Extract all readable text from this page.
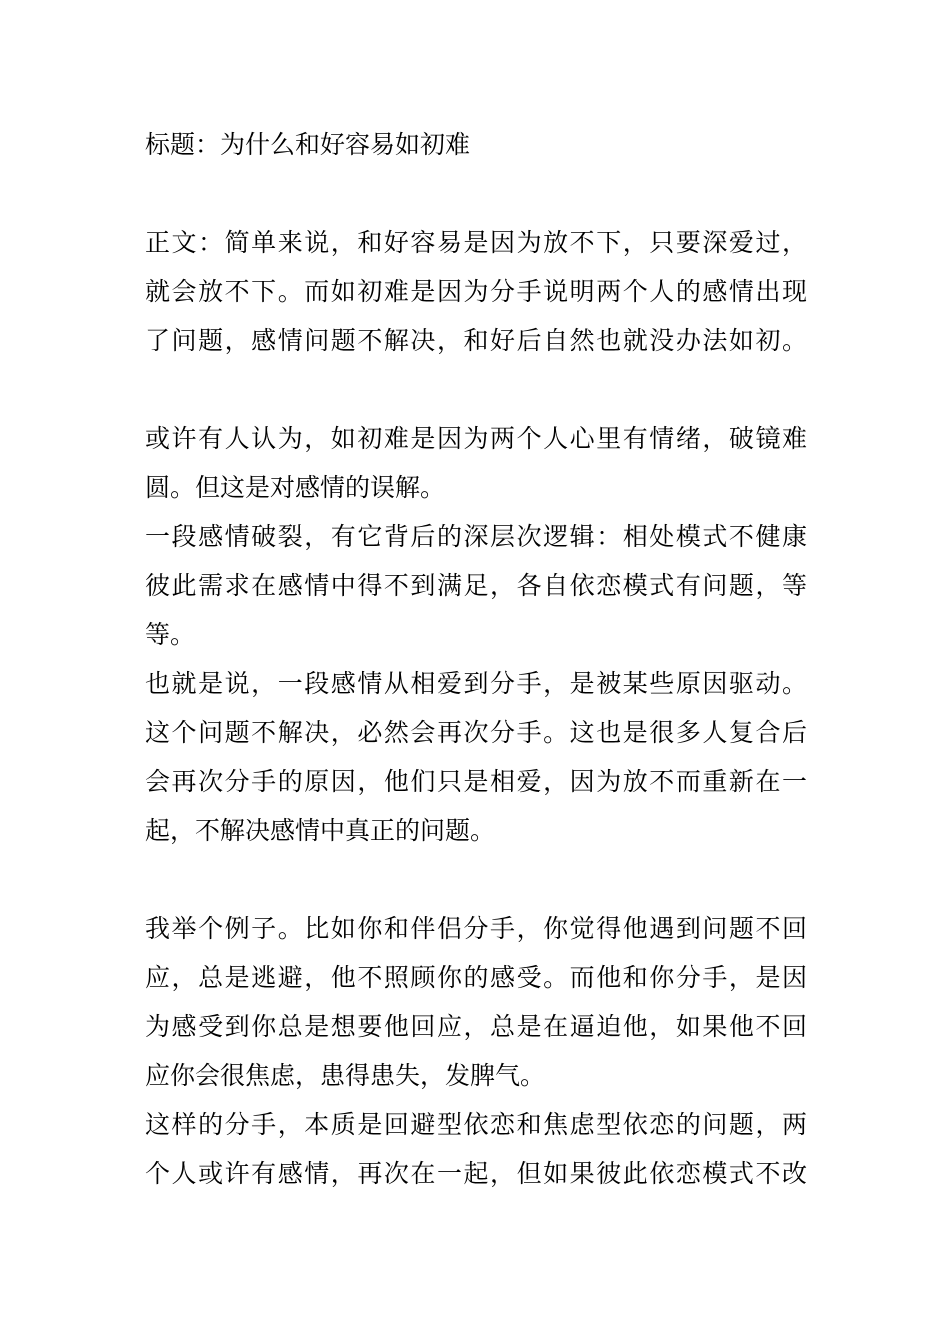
标题：为什么和好容易如初难
正文：简单来说，和好容易是因为放不下，只要深爱过，
就会放不下。而如初难是因为分手说明两个人的感情出现
了问题，感情问题不解决，和好后自然也就没办法如初。
或许有人认为，如初难是因为两个人心里有情绪，破镜难
圆。但这是对感情的误解。
一段感情破裂，有它背后的深层次逻辑：相处模式不健康
彼此需求在感情中得不到满足，各自依恋模式有问题，等
等。
也就是说，一段感情从相爱到分手，是被某些原因驱动。
这个问题不解决，必然会再次分手。这也是很多人复合后
会再次分手的原因，他们只是相爱，因为放不而重新在一
起，不解决感情中真正的问题。
我举个例子。比如你和伴侣分手，你觉得他遇到问题不回
应，总是逃避，他不照顾你的感受。而他和你分手，是因
为感受到你总是想要他回应，总是在逼迫他，如果他不回
应你会很焦虑，患得患失，发脾气。
这样的分手，本质是回避型依恋和焦虑型依恋的问题，两
个人或许有感情，再次在一起，但如果彼此依恋模式不改
